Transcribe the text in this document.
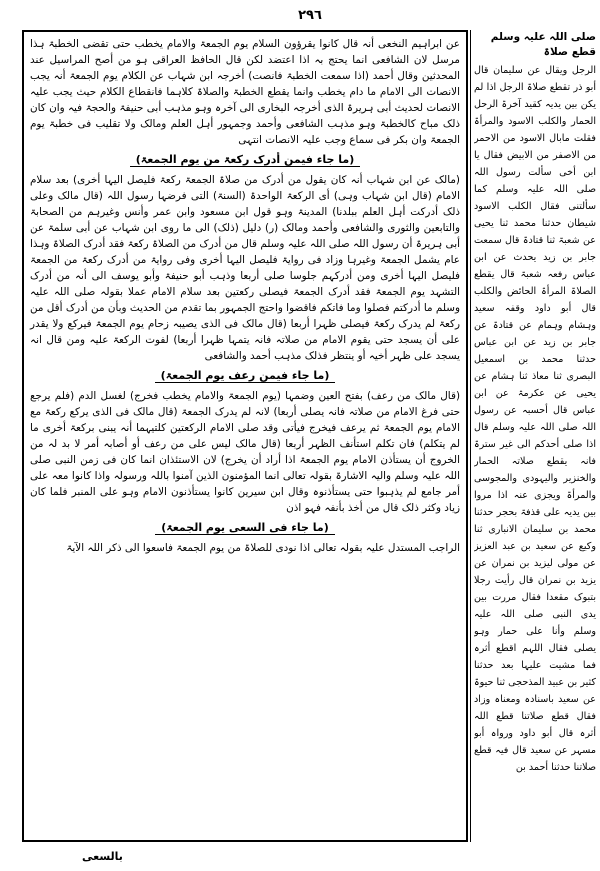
٢٩٦

صلی اللہ علیہ وسلم قطع صلاۃ

الرجل ویقال عن سلیمان قال أبو ذر تقطع صلاۃ الرجل اذا لم یکن بین یدیہ کقید آخرۃ الرحل الحمار والکلب الاسود والمرأۃ فقلت مابال الاسود من الاحمر من الاصفر من الابیض فقال یا ابن أخی سألت رسول اللہ صلی اللہ علیہ وسلم کما سألتنی فقال الکلب الاسود شیطان حدثنا محمد ثنا یحیی عن شعبۃ ثنا قتادۃ قال سمعت جابر بن زید یحدث عن ابن عباس رفعہ شعبۃ قال یقطع الصلاۃ المرأۃ الحائض والکلب قال أبو داود وقفہ سعید وہشام وہمام عن قتادۃ عن جابر بن زید عن ابن عباس حدثنا محمد بن اسمعیل البصری ثنا معاذ ثنا ہشام عن یحیی عن عکرمۃ عن ابن عباس قال أحسبہ عن رسول اللہ صلی اللہ علیہ وسلم قال اذا صلی أحدکم الی غیر سترۃ فانہ یقطع صلاتہ الحمار والخنزیر والیہودی والمجوسی والمرأۃ ویجزی عنہ اذا مروا بین یدیہ علی قذفۃ بحجر حدثنا محمد بن سلیمان الانباری ثنا وکیع عن سعید بن عبد العزیز عن مولی لیزید بن نمران عن یزید بن نمران قال رأیت رجلا بتبوک مقعدا فقال مررت بین یدی النبی صلی اللہ علیہ وسلم وأنا علی حمار وہو یصلی فقال اللہم اقطع أثرہ فما مشیت علیہا بعد حدثنا کثیر بن عبید المذحجی ثنا حیوۃ عن سعید باسنادہ ومعناہ وزاد فقال قطع صلاتنا قطع اللہ أثرہ قال أبو داود ورواہ أبو مسہر عن سعید قال فیہ قطع صلاتنا حدثنا أحمد بن

عن ابراہیم النخعی أنہ قال کانوا یقرؤون السلام یوم الجمعۃ والامام یخطب حتی تقضی الخطبۃ ہذا مرسل لان الشافعی انما یحتج بہ اذا اعتضد لکن قال الحافظ العراقی ہو من أصح المراسیل عند المحدثین وقال أحمد (اذا سمعت الخطبۃ فانصت) أخرجہ ابن شہاب عن الکلام یوم الجمعۃ أنہ یجب الانصات الی الامام ما دام یخطب وانما یقطع الخطبۃ والصلاۃ کلاہما فانقطاع الکلام حیث یجب علیہ الانصات لحدیث أبی ہریرۃ الذی أخرجہ البخاری الی آخرہ وہو مذہب أبی حنیفۃ والحجۃ فیہ وان کان ذلک مباح کالخطبۃ وہو مذہب الشافعی وأحمد وجمہور أہل العلم ومالک ولا تقلیب فی خطبۃ یوم الجمعۃ وان بکر فی سماع وجب علیہ الانصات انتہی

(ما جاء فیمن أدرک رکعۃ من یوم الجمعۃ)

(مالک عن ابن شہاب أنہ کان یقول من أدرک من صلاۃ الجمعۃ رکعۃ فلیصل الیہا أخری) بعد سلام الامام (قال ابن شہاب وہی) أی الرکعۃ الواحدۃ (السنۃ) التی فرضہا رسول اللہ (قال مالک وعلی ذلک أدرکت أہل العلم ببلدنا) المدینۃ وہو قول ابن مسعود وابن عمر وأنس وغیرہم من الصحابۃ والتابعین والثوری والشافعی وأحمد ومالک (ر) دلیل (ذلک) الی ما روی ابن شہاب عن أبی سلمۃ عن أبی ہریرۃ أن رسول اللہ صلی اللہ علیہ وسلم قال من أدرک من الصلاۃ رکعۃ فقد أدرک الصلاۃ وہذا عام یشمل الجمعۃ وغیرہا وزاد فی روایۃ فلیصل الیہا أخری وفی روایۃ من أدرک رکعۃ من الجمعۃ فلیصل الیہا أخری ومن أدرکہم جلوسا صلی أربعا وذہب أبو حنیفۃ وأبو یوسف الی أنہ من أدرک التشہد یوم الجمعۃ فقد أدرک الجمعۃ فیصلی رکعتین بعد سلام الامام عملا بقولہ صلی اللہ علیہ وسلم ما أدرکتم فصلوا وما فاتکم فاقضوا واحتج الجمہور بما تقدم من الحدیث وبأن من أدرک أقل من رکعۃ لم یدرک رکعۃ فیصلی ظہرا أربعا (قال مالک فی الذی یصیبہ زحام یوم الجمعۃ فیرکع ولا یقدر علی أن یسجد حتی یقوم الامام من صلاتہ فانہ یتمہا ظہرا أربعا) لفوت الرکعۃ علیہ ومن قال انہ یسجد علی ظہر أخیہ أو ینتظر فذلک مذہب أحمد والشافعی

(ما جاء فیمن رعف یوم الجمعۃ)

(قال مالک من رعف) بفتح العین وضمہا (یوم الجمعۃ والامام یخطب فخرج) لغسل الدم (فلم یرجع حتی فرغ الامام من صلاتہ فانہ یصلی أربعا) لانہ لم یدرک الجمعۃ (قال مالک فی الذی یرکع رکعۃ مع الامام یوم الجمعۃ ثم یرعف فیخرج فیأتی وقد صلی الامام الرکعتین کلتیہما أنہ یبنی برکعۃ أخری ما لم یتکلم) فان تکلم استأنف الظہر أربعا (قال مالک لیس علی من رعف أو أصابہ أمر لا بد لہ من الخروج أن یستأذن الامام یوم الجمعۃ اذا أراد أن یخرج) لان الاستئذان انما کان فی زمن النبی صلی اللہ علیہ وسلم والیہ الاشارۃ بقولہ تعالی انما المؤمنون الذین آمنوا باللہ ورسولہ واذا کانوا معہ علی أمر جامع لم یذہبوا حتی یستأذنوہ وقال ابن سیرین کانوا یستأذنون الامام وہو علی المنبر فلما کان زیاد وکثر ذلک قال من أخذ بأنفہ فہو اذن

(ما جاء فی السعی یوم الجمعۃ)

الراجب المستدل علیہ بقولہ تعالی اذا نودی للصلاۃ من یوم الجمعۃ فاسعوا الی ذکر اللہ الآیۃ

بالسعی
